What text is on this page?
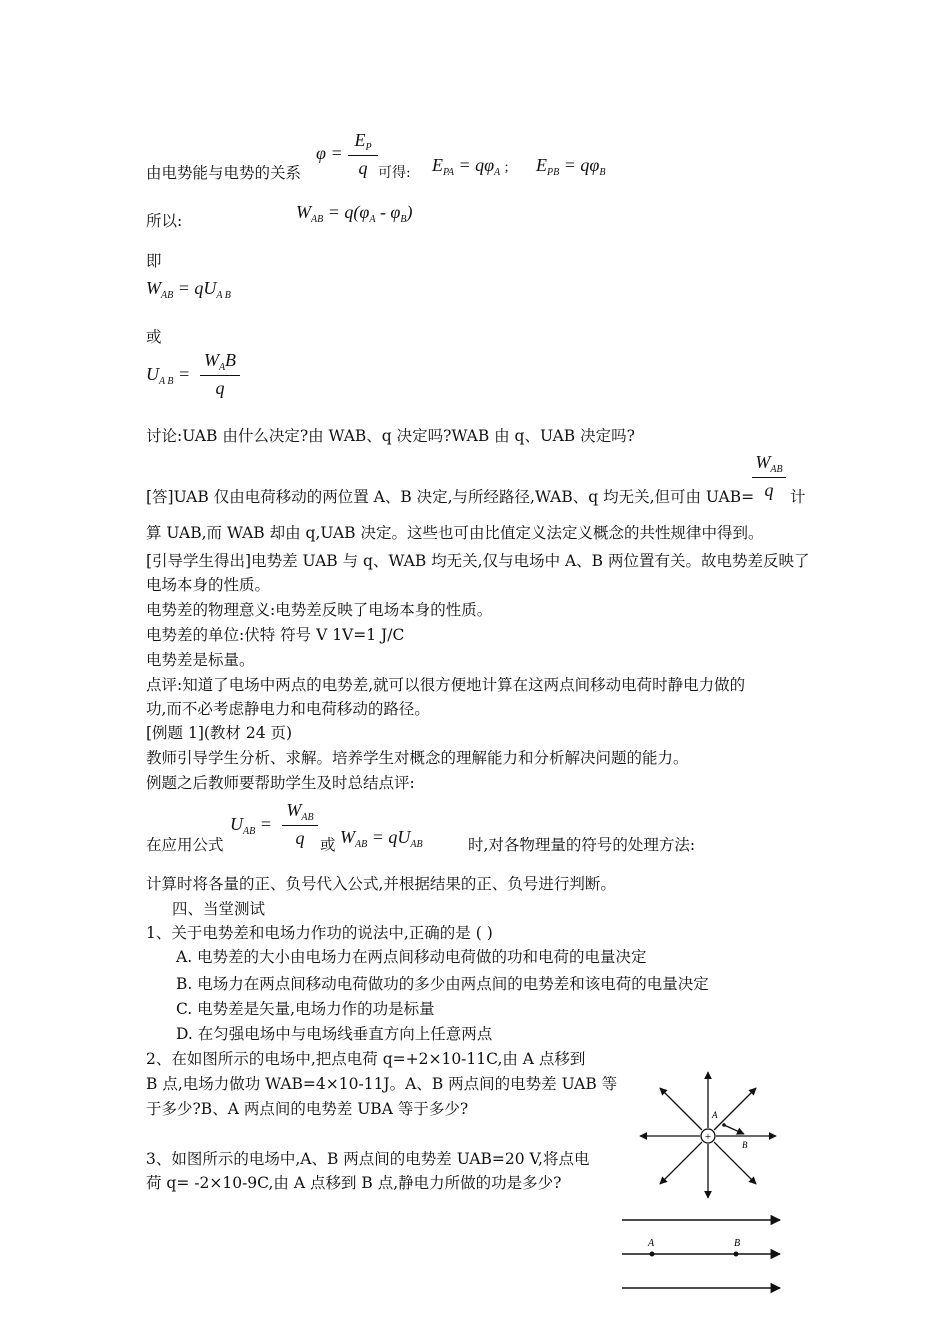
由电势能与电势的关系
$\varphi = \frac{E_P}{q}$ 可得: $E_{PA} = q\varphi_A$ ; $E_{PB} = q\varphi_B$
所以:	$W_{AB} = q(\varphi_A - \varphi_B)$
即
$W_{AB} = qU_{A B}$
或
$U_{A B}$ =
$W_AB$
q
讨论:UAB 由什么决定?由 WAB、q 决定吗?WAB 由 q、UAB 决定吗?
$W_{AB}$
q
[答]UAB 仅由电荷移动的两位置 A、B 决定,与所经路径,WAB、q 均无关,但可由 UAB= 计
算 UAB,而 WAB 却由 q,UAB 决定。这些也可由比值定义法定义概念的共性规律中得到。
[引导学生得出]电势差 UAB 与 q、WAB 均无关,仅与电场中 A、B 两位置有关。故电势差反映了
电场本身的性质。
电势差的物理意义:电势差反映了电场本身的性质。
电势差的单位:伏特 符号 V 1V=1 J/C
电势差是标量。
点评:知道了电场中两点的电势差,就可以很方便地计算在这两点间移动电荷时静电力做的
功,而不必考虑静电力和电荷移动的路径。
[例题 1](教材 24 页)
教师引导学生分析、求解。培养学生对概念的理解能力和分析解决问题的能力。
例题之后教师要帮助学生及时总结点评:
在应用公式
$U_{AB}$ =
$W_{AB}$
q	或 $W_{AB} = qU_{AB}$	时,对各物理量的符号的处理方法:
计算时将各量的正、负号代入公式,并根据结果的正、负号进行判断。
四、当堂测试
1、关于电势差和电场力作功的说法中,正确的是 ( )
A. 电势差的大小由电场力在两点间移动电荷做的功和电荷的电量决定
B. 电场力在两点间移动电荷做功的多少由两点间的电势差和该电荷的电量决定
C. 电势差是矢量,电场力作的功是标量
D. 在匀强电场中与电场线垂直方向上任意两点
2、在如图所示的电场中,把点电荷 q=+2×10-11C,由 A 点移到
B 点,电场力做功 WAB=4×10-11J。A、B 两点间的电势差 UAB 等
于多少?B、A 两点间的电势差 UBA 等于多少?
3、如图所示的电场中,A、B 两点间的电势差 UAB=20 V,将点电
荷 q= -2×10-9C,由 A 点移到 B 点,静电力所做的功是多少?
+
A
B
A	B
